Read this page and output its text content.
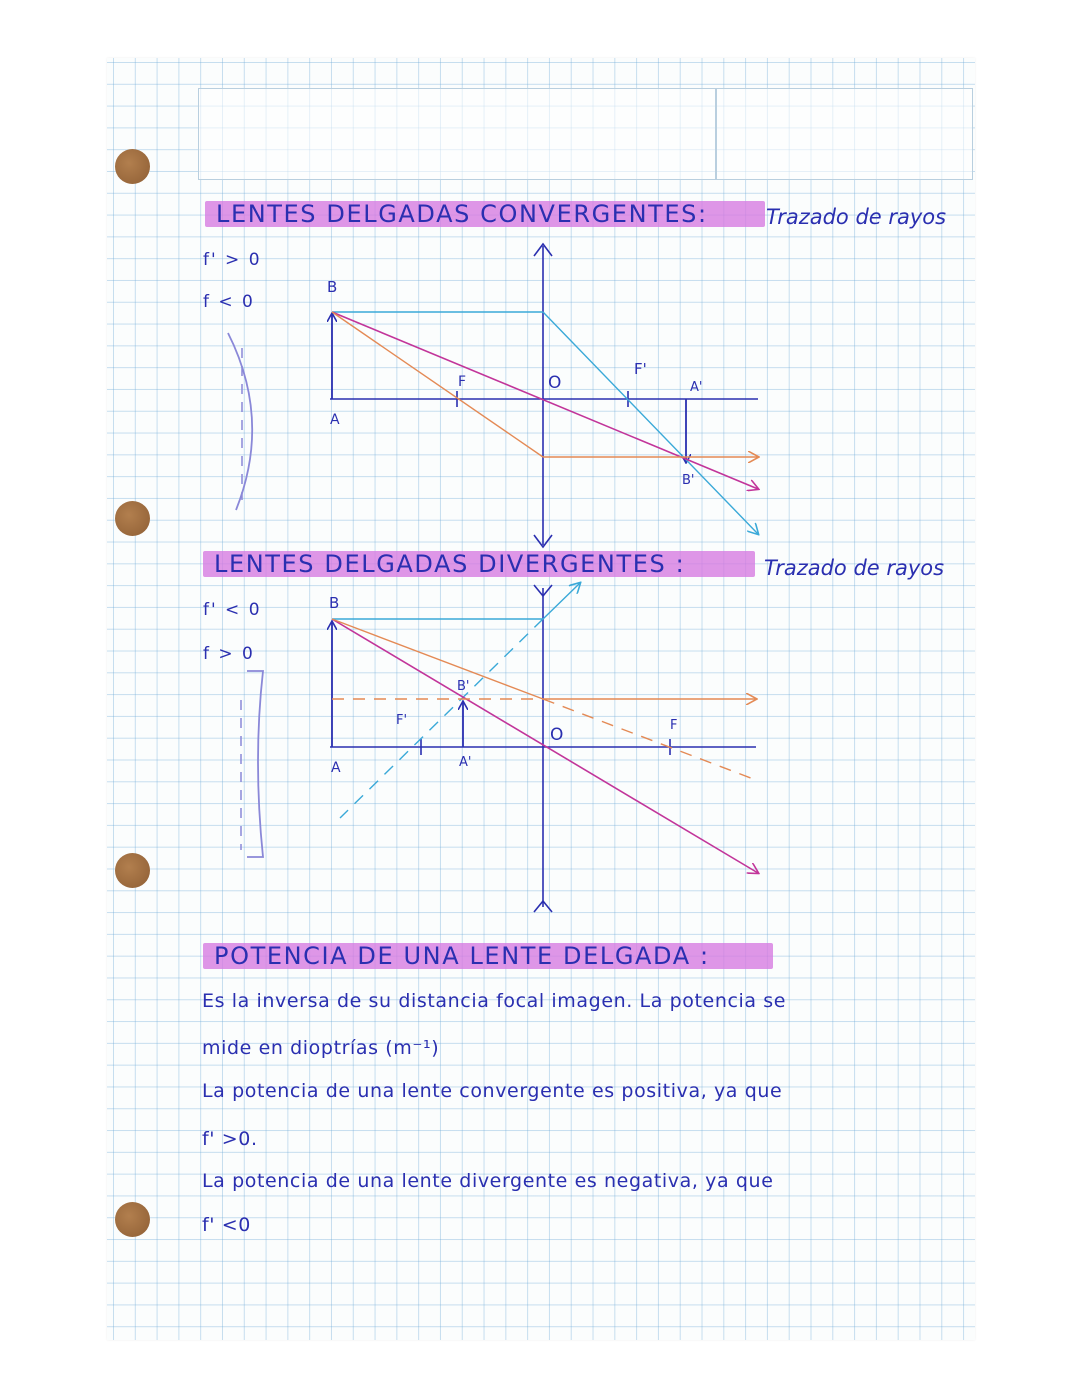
LENTES DELGADAS CONVERGENTES:	Trazado de rayos
f' > 0
f < 0
LENTES DELGADAS DIVERGENTES :	Trazado de rayos
f' < 0
f > 0
POTENCIA DE UNA LENTE DELGADA :
Es la inversa de su distancia focal imagen. La potencia se
mide en dioptrías (m⁻¹)
La potencia de una lente convergente es positiva, ya que
f' >0.
La potencia de una lente divergente es negativa, ya que
f' <0
B
A
F	O
F'
A'
B'
B
A
F'
B'
A'
O	F
